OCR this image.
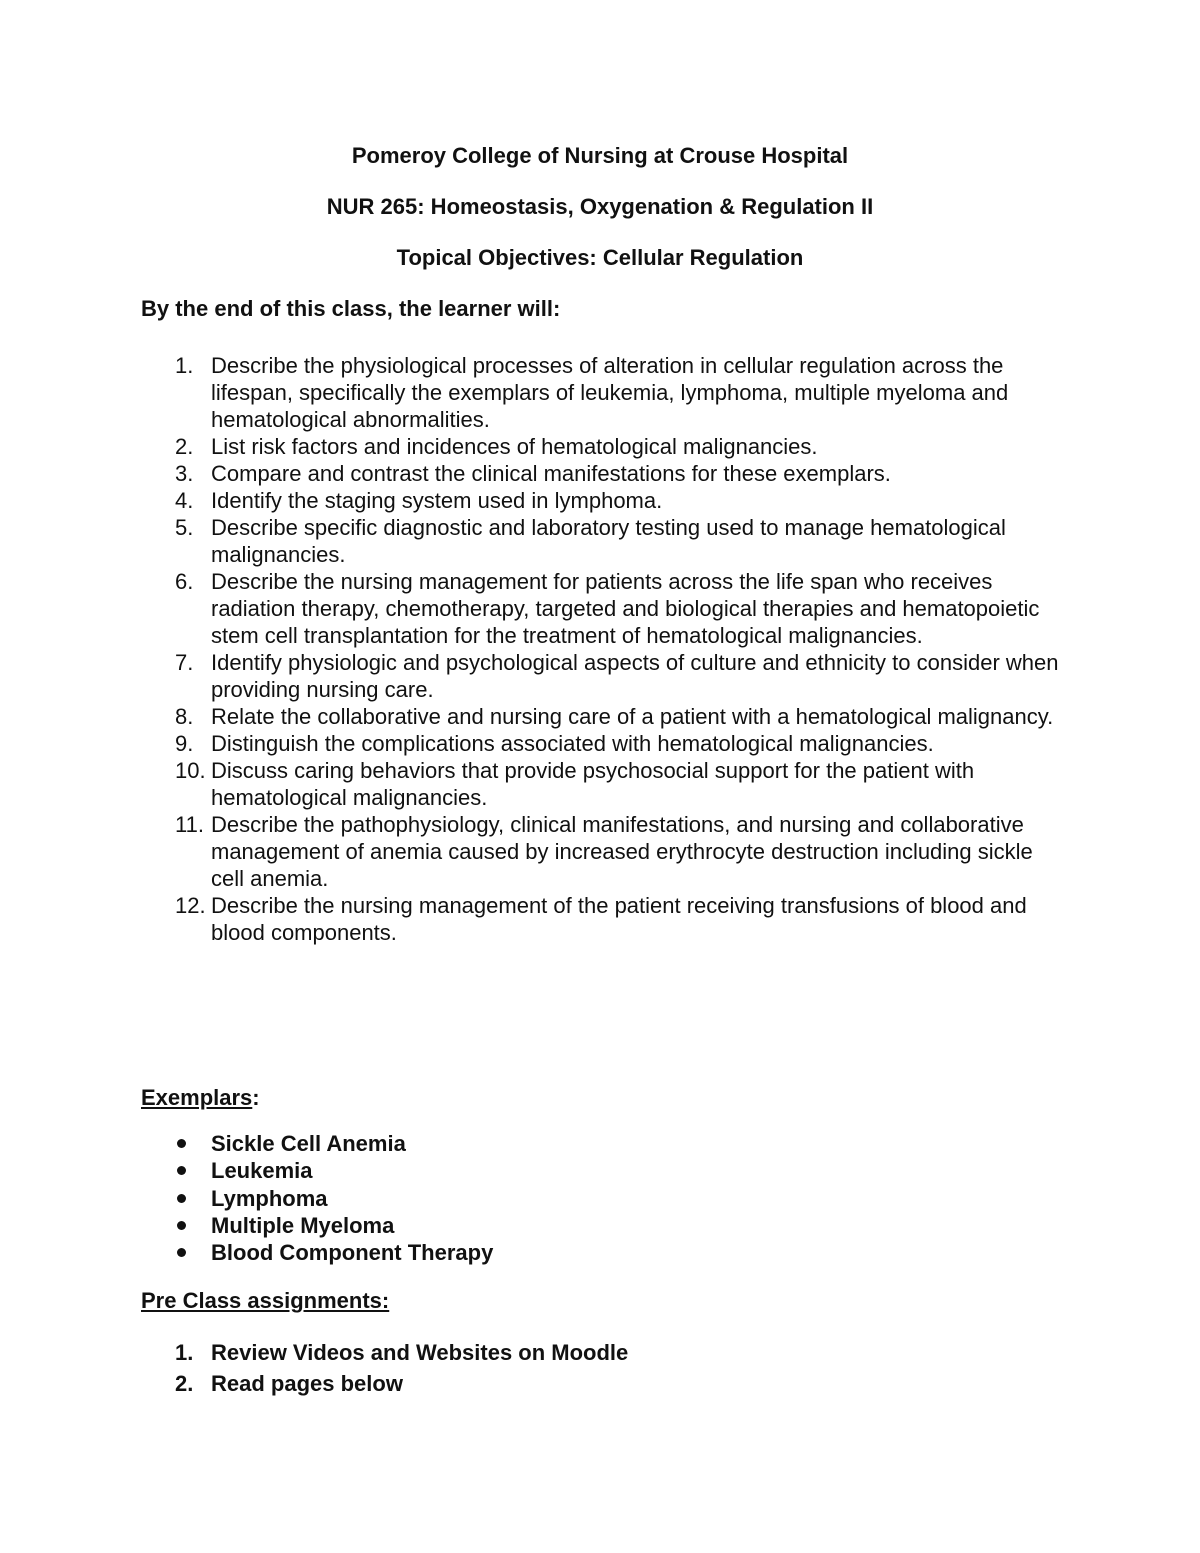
Pomeroy College of Nursing at Crouse Hospital

NUR 265: Homeostasis, Oxygenation & Regulation II

Topical Objectives: Cellular Regulation

By the end of this class, the learner will:

1. Describe the physiological processes of alteration in cellular regulation across the lifespan, specifically the exemplars of leukemia, lymphoma, multiple myeloma and hematological abnormalities.
2. List risk factors and incidences of hematological malignancies.
3. Compare and contrast the clinical manifestations for these exemplars.
4. Identify the staging system used in lymphoma.
5. Describe specific diagnostic and laboratory testing used to manage hematological malignancies.
6. Describe the nursing management for patients across the life span who receives radiation therapy, chemotherapy, targeted and biological therapies and hematopoietic stem cell transplantation for the treatment of hematological malignancies.
7. Identify physiologic and psychological aspects of culture and ethnicity to consider when providing nursing care.
8. Relate the collaborative and nursing care of a patient with a hematological malignancy.
9. Distinguish the complications associated with hematological malignancies.
10. Discuss caring behaviors that provide psychosocial support for the patient with hematological malignancies.
11. Describe the pathophysiology, clinical manifestations, and nursing and collaborative management of anemia caused by increased erythrocyte destruction including sickle cell anemia.
12. Describe the nursing management of the patient receiving transfusions of blood and blood components.

Exemplars:

Sickle Cell Anemia
Leukemia
Lymphoma
Multiple Myeloma
Blood Component Therapy

Pre Class assignments:

1. Review Videos and Websites on Moodle
2. Read pages below
